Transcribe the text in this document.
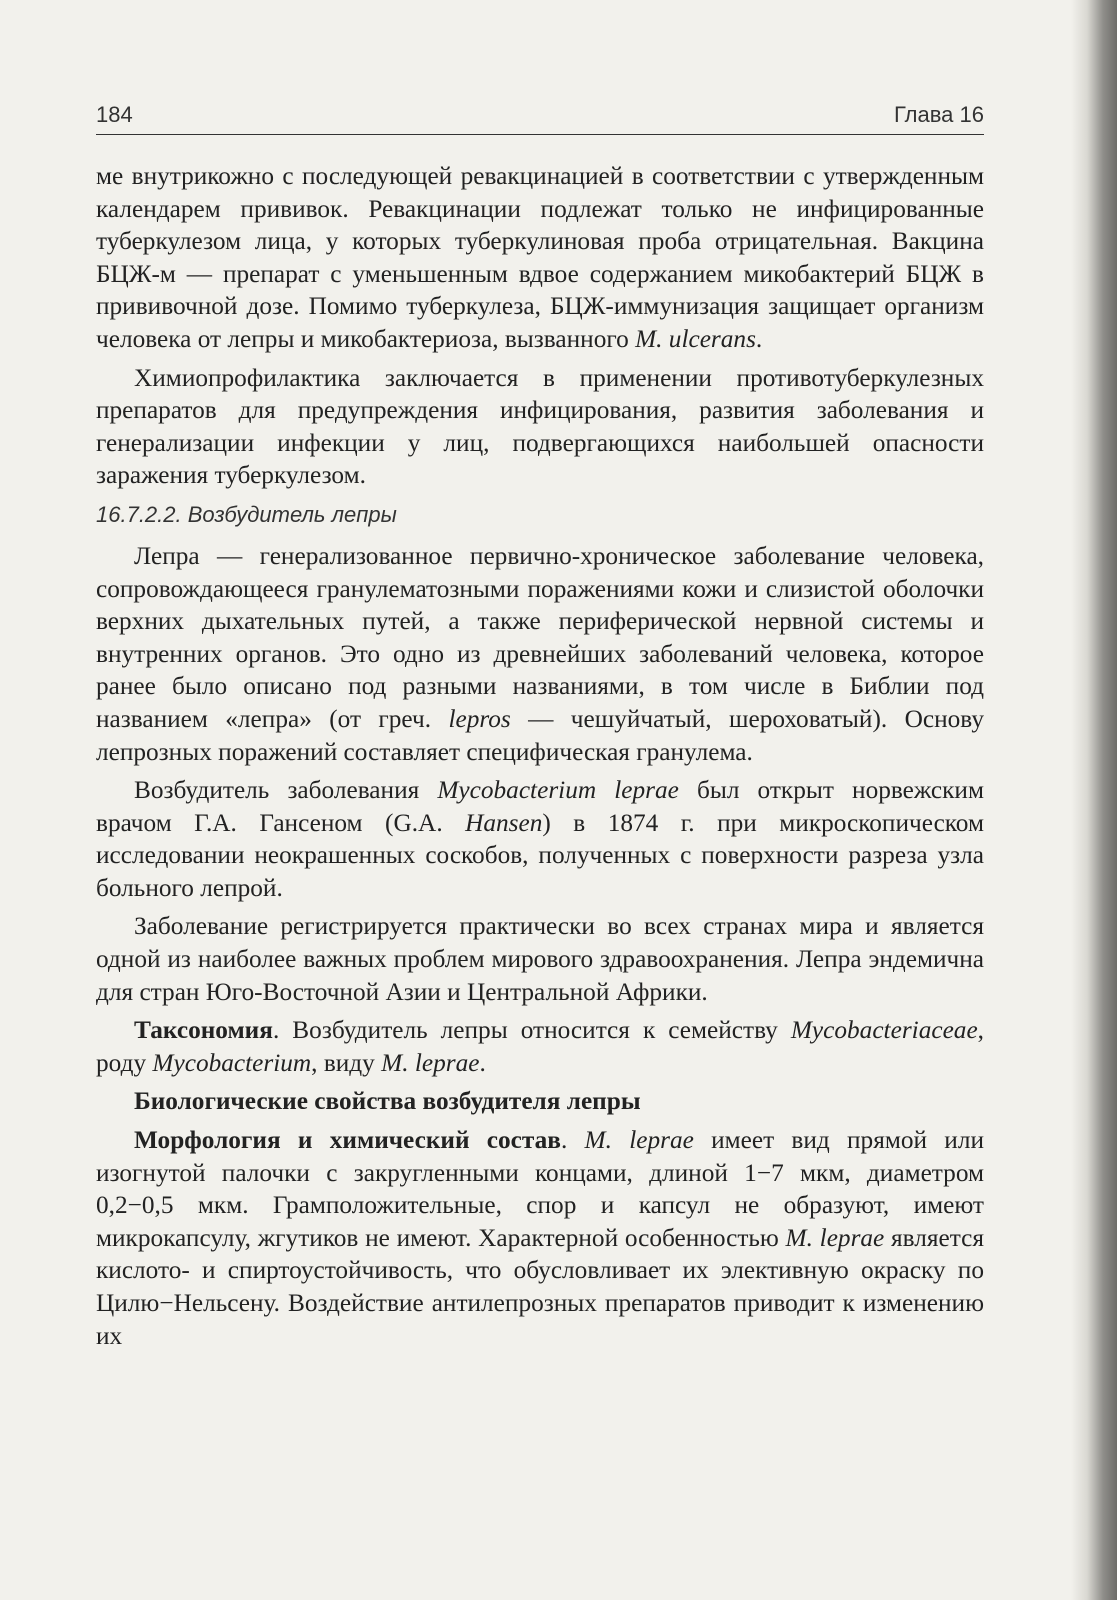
184	Глава 16

ме внутрикожно с последующей ревакцинацией в соответствии с утвержденным календарем прививок. Ревакцинации подлежат только не инфицированные туберкулезом лица, у которых туберкулиновая проба отрицательная. Вакцина БЦЖ-м — препарат с уменьшенным вдвое содержанием микобактерий БЦЖ в прививочной дозе. Помимо туберкулеза, БЦЖ-иммунизация защищает организм человека от лепры и микобактериоза, вызванного M. ulcerans.

Химиопрофилактика заключается в применении противотуберкулезных препаратов для предупреждения инфицирования, развития заболевания и генерализации инфекции у лиц, подвергающихся наибольшей опасности заражения туберкулезом.

16.7.2.2. Возбудитель лепры

Лепра — генерализованное первично-хроническое заболевание человека, сопровождающееся гранулематозными поражениями кожи и слизистой оболочки верхних дыхательных путей, а также периферической нервной системы и внутренних органов. Это одно из древнейших заболеваний человека, которое ранее было описано под разными названиями, в том числе в Библии под названием «лепра» (от греч. lepros — чешуйчатый, шероховатый). Основу лепрозных поражений составляет специфическая гранулема.

Возбудитель заболевания Mycobacterium leprae был открыт норвежским врачом Г.А. Гансеном (G.A. Hansen) в 1874 г. при микроскопическом исследовании неокрашенных соскобов, полученных с поверхности разреза узла больного лепрой.

Заболевание регистрируется практически во всех странах мира и является одной из наиболее важных проблем мирового здравоохранения. Лепра эндемична для стран Юго-Восточной Азии и Центральной Африки.

Таксономия. Возбудитель лепры относится к семейству Mycobacteriaceae, роду Mycobacterium, виду M. leprae.

Биологические свойства возбудителя лепры

Морфология и химический состав. M. leprae имеет вид прямой или изогнутой палочки с закругленными концами, длиной 1−7 мкм, диаметром 0,2−0,5 мкм. Грамположительные, спор и капсул не образуют, имеют микрокапсулу, жгутиков не имеют. Характерной особенностью M. leprae является кислото- и спиртоустойчивость, что обусловливает их элективную окраску по Цилю−Нельсену. Воздействие антилепрозных препаратов приводит к изменению их
